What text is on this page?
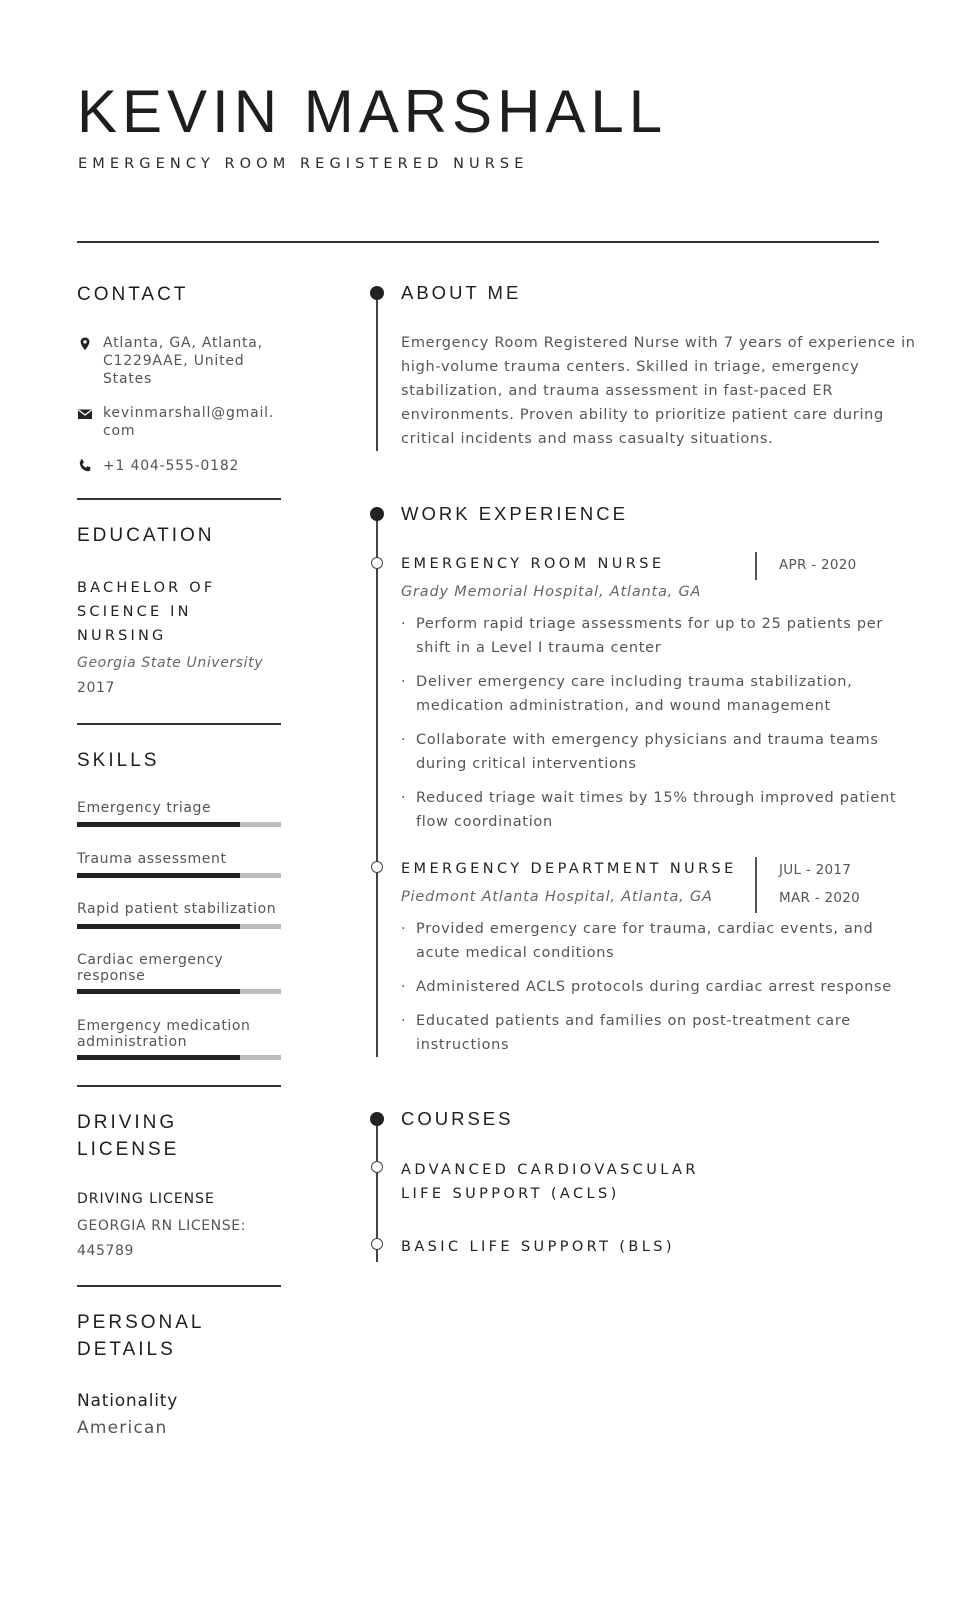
KEVIN MARSHALL
EMERGENCY ROOM REGISTERED NURSE
CONTACT
Atlanta, GA, Atlanta, C1229AAE, United States
kevinmarshall@gmail.com
+1 404-555-0182
EDUCATION
BACHELOR OF SCIENCE IN NURSING
Georgia State University
2017
SKILLS
Emergency triage
Trauma assessment
Rapid patient stabilization
Cardiac emergency response
Emergency medication administration
DRIVING LICENSE
DRIVING LICENSE
GEORGIA RN LICENSE: 445789
PERSONAL DETAILS
Nationality
American
ABOUT ME
Emergency Room Registered Nurse with 7 years of experience in high-volume trauma centers. Skilled in triage, emergency stabilization, and trauma assessment in fast-paced ER environments. Proven ability to prioritize patient care during critical incidents and mass casualty situations.
WORK EXPERIENCE
EMERGENCY ROOM NURSE	APR - 2020
Grady Memorial Hospital, Atlanta, GA
· Perform rapid triage assessments for up to 25 patients per shift in a Level I trauma center
· Deliver emergency care including trauma stabilization, medication administration, and wound management
· Collaborate with emergency physicians and trauma teams during critical interventions
· Reduced triage wait times by 15% through improved patient flow coordination
EMERGENCY DEPARTMENT NURSE	JUL - 2017
MAR - 2020
Piedmont Atlanta Hospital, Atlanta, GA
· Provided emergency care for trauma, cardiac events, and acute medical conditions
· Administered ACLS protocols during cardiac arrest response
· Educated patients and families on post-treatment care instructions
COURSES
ADVANCED CARDIOVASCULAR LIFE SUPPORT (ACLS)
BASIC LIFE SUPPORT (BLS)
